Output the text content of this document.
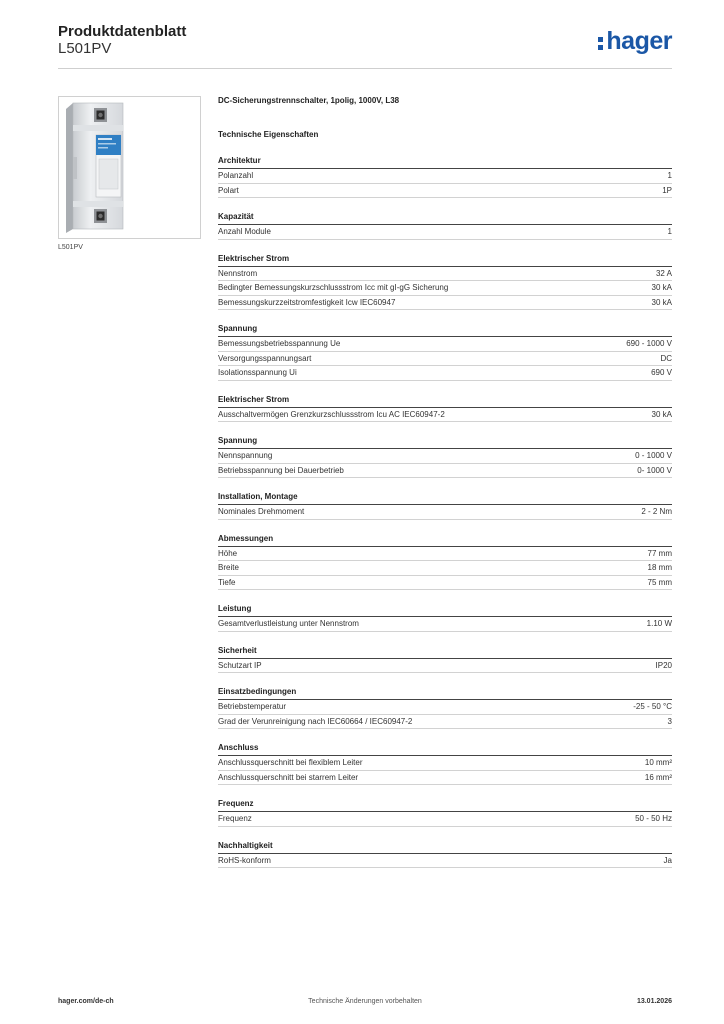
Produktdatenblatt
L501PV	hager
L501PV
DC-Sicherungstrennschalter, 1polig, 1000V, L38
Technische Eigenschaften
Architektur
Polanzahl	1
Polart	1P
Kapazität
Anzahl Module	1
Elektrischer Strom
Nennstrom	32 A
Bedingter Bemessungskurzschlussstrom Icc mit gI-gG Sicherung	30 kA
Bemessungskurzzeitstromfestigkeit Icw IEC60947	30 kA
Spannung
Bemessungsbetriebsspannung Ue	690 - 1000 V
Versorgungsspannungsart	DC
Isolationsspannung Ui	690 V
Elektrischer Strom
Ausschaltvermögen Grenzkurzschlussstrom Icu AC IEC60947-2	30 kA
Spannung
Nennspannung	0 - 1000 V
Betriebsspannung bei Dauerbetrieb	0- 1000 V
Installation, Montage
Nominales Drehmoment	2 - 2 Nm
Abmessungen
Höhe	77 mm
Breite	18 mm
Tiefe	75 mm
Leistung
Gesamtverlustleistung unter Nennstrom	1.10 W
Sicherheit
Schutzart IP	IP20
Einsatzbedingungen
Betriebstemperatur	-25 - 50 °C
Grad der Verunreinigung nach IEC60664 / IEC60947-2	3
Anschluss
Anschlussquerschnitt bei flexiblem Leiter	10 mm²
Anschlussquerschnitt bei starrem Leiter	16 mm²
Frequenz
Frequenz	50 - 50 Hz
Nachhaltigkeit
RoHS-konform	Ja
hager.com/de-ch	Technische Änderungen vorbehalten	13.01.2026
